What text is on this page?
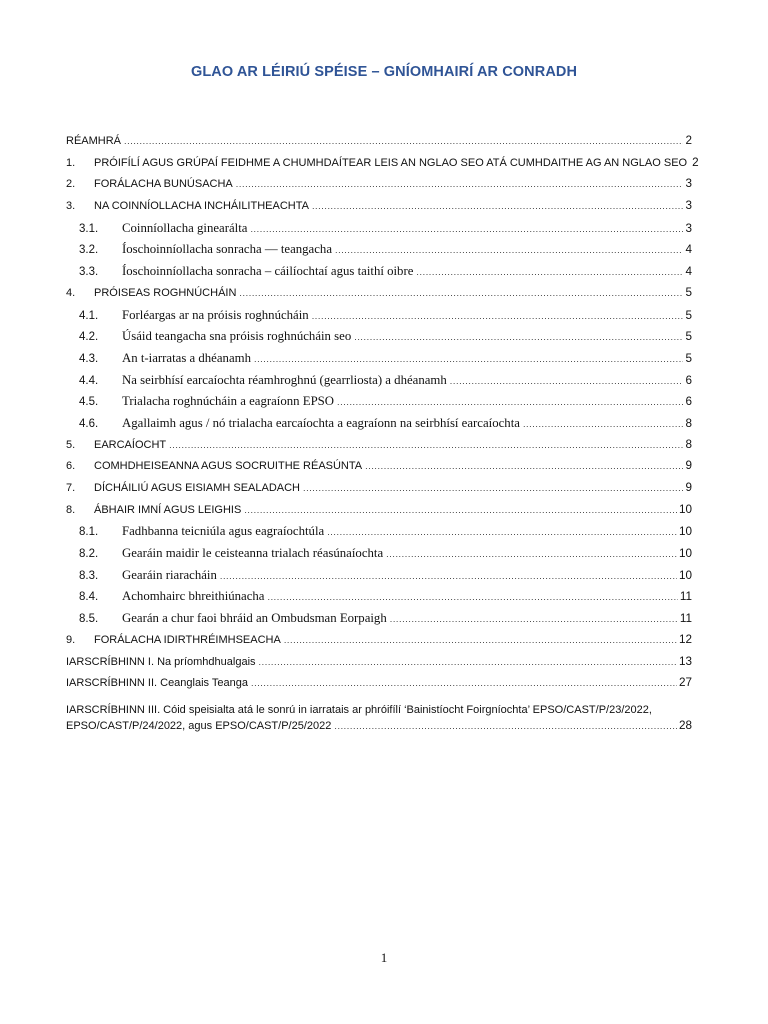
GLAO AR LÉIRIÚ SPÉISE – GNÍOMHAIRÍ AR CONRADH
RÉAMHRÁ .....	2
1.	PRÓIFÍLÍ AGUS GRÚPAÍ FEIDHME A CHUMHDAÍTEAR LEIS AN NGLAO SEO ATÁ CUMHDAITHE AG AN NGLAO SEO 2
2.	FORÁLACHA BUNÚSACHA .....	3
3.	NA COINNÍOLLACHA INCHÁILITHEACHTA .....	3
3.1.	Coinníollacha ginearálta .....	3
3.2.	Íoschoinníollacha sonracha — teangacha .....	4
3.3.	Íoschoinníollacha sonracha – cáilíochtaí agus taithí oibre .....	4
4.	PRÓISEAS ROGHNÚCHÁIN .....	5
4.1.	Forléargas ar na próisis roghnúcháin .....	5
4.2.	Úsáid teangacha sna próisis roghnúcháin seo .....	5
4.3.	An t-iarratas a dhéanamh .....	5
4.4.	Na seirbhísí earcaíochta réamhroghnú (gearrliosta) a dhéanamh .....	6
4.5.	Trialacha roghnúcháin a eagraíonn EPSO .....	6
4.6.	Agallaimh agus / nó trialacha earcaíochta a eagraíonn na seirbhísí earcaíochta .....	8
5.	EARCAÍOCHT .....	8
6.	COMHDHEISEANNA AGUS SOCRUITHE RÉASÚNTA .....	9
7.	DÍCHÁILIÚ AGUS EISIAMH SEALADACH .....	9
8.	ÁBHAIR IMNÍ AGUS LEIGHIS .....	10
8.1.	Fadhbanna teicniúla agus eagraíochtúla .....	10
8.2.	Gearáin maidir le ceisteanna trialach réasúnaíochta .....	10
8.3.	Gearáin riaracháin .....	10
8.4.	Achomhairc bhreithiúnacha .....	11
8.5.	Gearán a chur faoi bhráid an Ombudsman Eorpaigh .....	11
9.	FORÁLACHA IDIRTHRÉIMHSEACHA .....	12
IARSCRÍBHINN I. Na príomhdhualgais .....	13
IARSCRÍBHINN II. Ceanglais Teanga .....	27
IARSCRÍBHINN III. Cóid speisialta atá le sonrú in iarratais ar phróifílí ‘Bainistíocht Foirgníochta’ EPSO/CAST/P/23/2022,
EPSO/CAST/P/24/2022, agus EPSO/CAST/P/25/2022 .....	28
1
